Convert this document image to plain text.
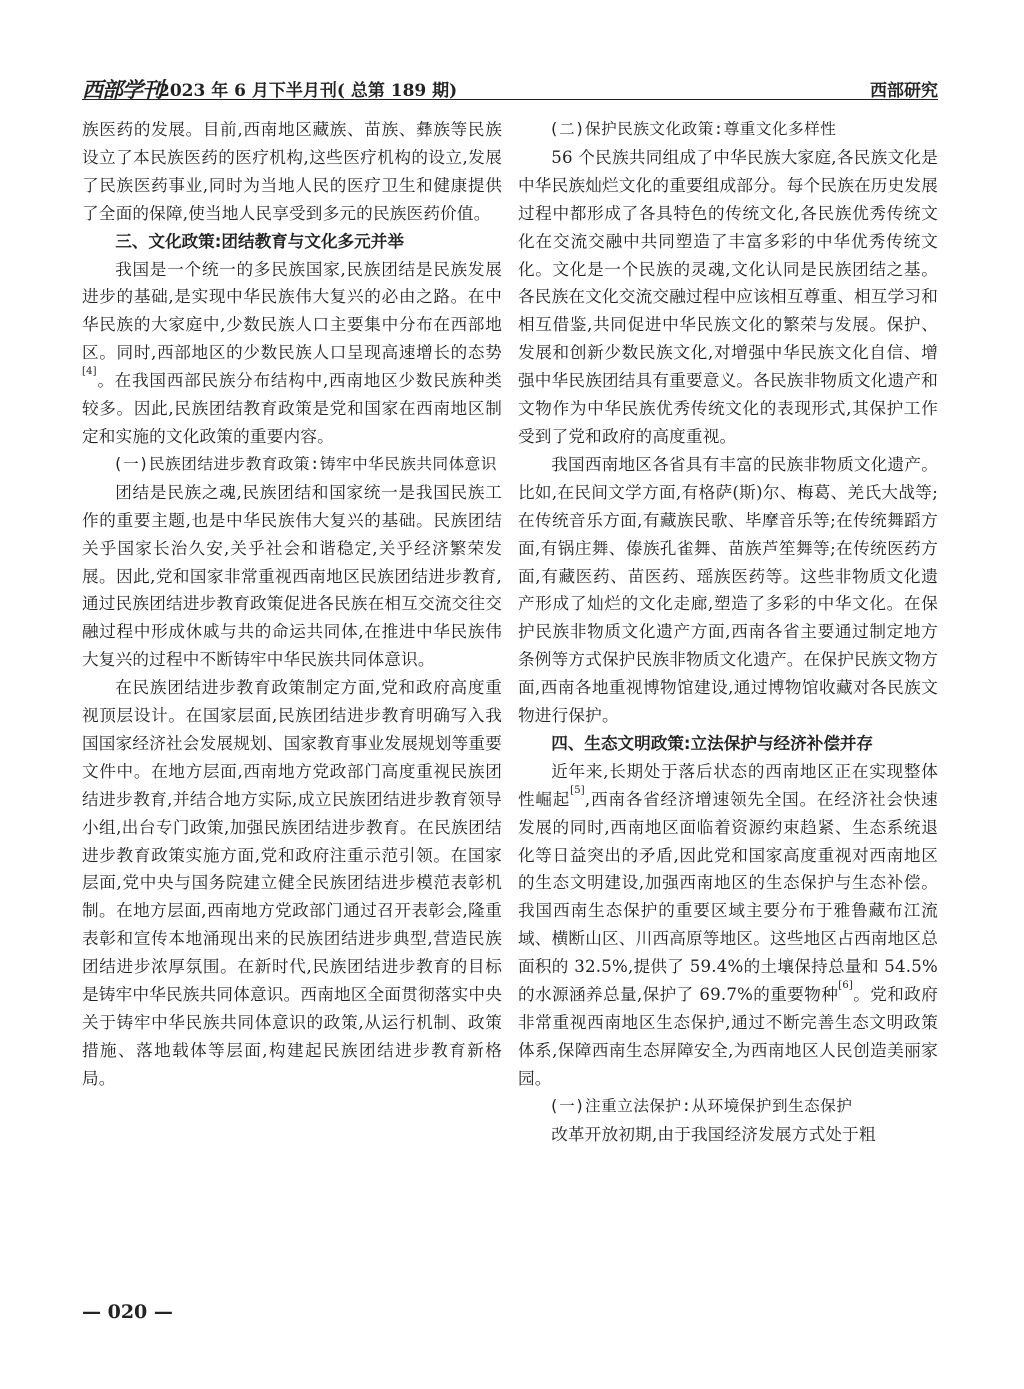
西部学刊
2023 年 6 月下半月刊( 总第 189 期)	西部研究

族医药的发展。目前,西南地区藏族、苗族、彝族等民族设立了本民族医药的医疗机构,这些医疗机构的设立,发展了民族医药事业,同时为当地人民的医疗卫生和健康提供了全面的保障,使当地人民享受到多元的民族医药价值。

三、文化政策:团结教育与文化多元并举

我国是一个统一的多民族国家,民族团结是民族发展进步的基础,是实现中华民族伟大复兴的必由之路。在中华民族的大家庭中,少数民族人口主要集中分布在西部地区。同时,西部地区的少数民族人口呈现高速增长的态势[4]。在我国西部民族分布结构中,西南地区少数民族种类较多。因此,民族团结教育政策是党和国家在西南地区制定和实施的文化政策的重要内容。

(一)民族团结进步教育政策:铸牢中华民族共同体意识

团结是民族之魂,民族团结和国家统一是我国民族工作的重要主题,也是中华民族伟大复兴的基础。民族团结关乎国家长治久安,关乎社会和谐稳定,关乎经济繁荣发展。因此,党和国家非常重视西南地区民族团结进步教育,通过民族团结进步教育政策促进各民族在相互交流交往交融过程中形成休戚与共的命运共同体,在推进中华民族伟大复兴的过程中不断铸牢中华民族共同体意识。

在民族团结进步教育政策制定方面,党和政府高度重视顶层设计。在国家层面,民族团结进步教育明确写入我国国家经济社会发展规划、国家教育事业发展规划等重要文件中。在地方层面,西南地方党政部门高度重视民族团结进步教育,并结合地方实际,成立民族团结进步教育领导小组,出台专门政策,加强民族团结进步教育。在民族团结进步教育政策实施方面,党和政府注重示范引领。在国家层面,党中央与国务院建立健全民族团结进步模范表彰机制。在地方层面,西南地方党政部门通过召开表彰会,隆重表彰和宣传本地涌现出来的民族团结进步典型,营造民族团结进步浓厚氛围。在新时代,民族团结进步教育的目标是铸牢中华民族共同体意识。西南地区全面贯彻落实中央关于铸牢中华民族共同体意识的政策,从运行机制、政策措施、落地载体等层面,构建起民族团结进步教育新格局。

(二)保护民族文化政策:尊重文化多样性

56 个民族共同组成了中华民族大家庭,各民族文化是中华民族灿烂文化的重要组成部分。每个民族在历史发展过程中都形成了各具特色的传统文化,各民族优秀传统文化在交流交融中共同塑造了丰富多彩的中华优秀传统文化。文化是一个民族的灵魂,文化认同是民族团结之基。各民族在文化交流交融过程中应该相互尊重、相互学习和相互借鉴,共同促进中华民族文化的繁荣与发展。保护、发展和创新少数民族文化,对增强中华民族文化自信、增强中华民族团结具有重要意义。各民族非物质文化遗产和文物作为中华民族优秀传统文化的表现形式,其保护工作受到了党和政府的高度重视。

我国西南地区各省具有丰富的民族非物质文化遗产。比如,在民间文学方面,有格萨(斯)尔、梅葛、羌氏大战等;在传统音乐方面,有藏族民歌、毕摩音乐等;在传统舞蹈方面,有锅庄舞、傣族孔雀舞、苗族芦笙舞等;在传统医药方面,有藏医药、苗医药、瑶族医药等。这些非物质文化遗产形成了灿烂的文化走廊,塑造了多彩的中华文化。在保护民族非物质文化遗产方面,西南各省主要通过制定地方条例等方式保护民族非物质文化遗产。在保护民族文物方面,西南各地重视博物馆建设,通过博物馆收藏对各民族文物进行保护。

四、生态文明政策:立法保护与经济补偿并存

近年来,长期处于落后状态的西南地区正在实现整体性崛起[5],西南各省经济增速领先全国。在经济社会快速发展的同时,西南地区面临着资源约束趋紧、生态系统退化等日益突出的矛盾,因此党和国家高度重视对西南地区的生态文明建设,加强西南地区的生态保护与生态补偿。我国西南生态保护的重要区域主要分布于雅鲁藏布江流域、横断山区、川西高原等地区。这些地区占西南地区总面积的 32.5%,提供了 59.4%的土壤保持总量和 54.5%的水源涵养总量,保护了 69.7%的重要物种[6]。党和政府非常重视西南地区生态保护,通过不断完善生态文明政策体系,保障西南生态屏障安全,为西南地区人民创造美丽家园。

(一)注重立法保护:从环境保护到生态保护

改革开放初期,由于我国经济发展方式处于粗

— 020 —
